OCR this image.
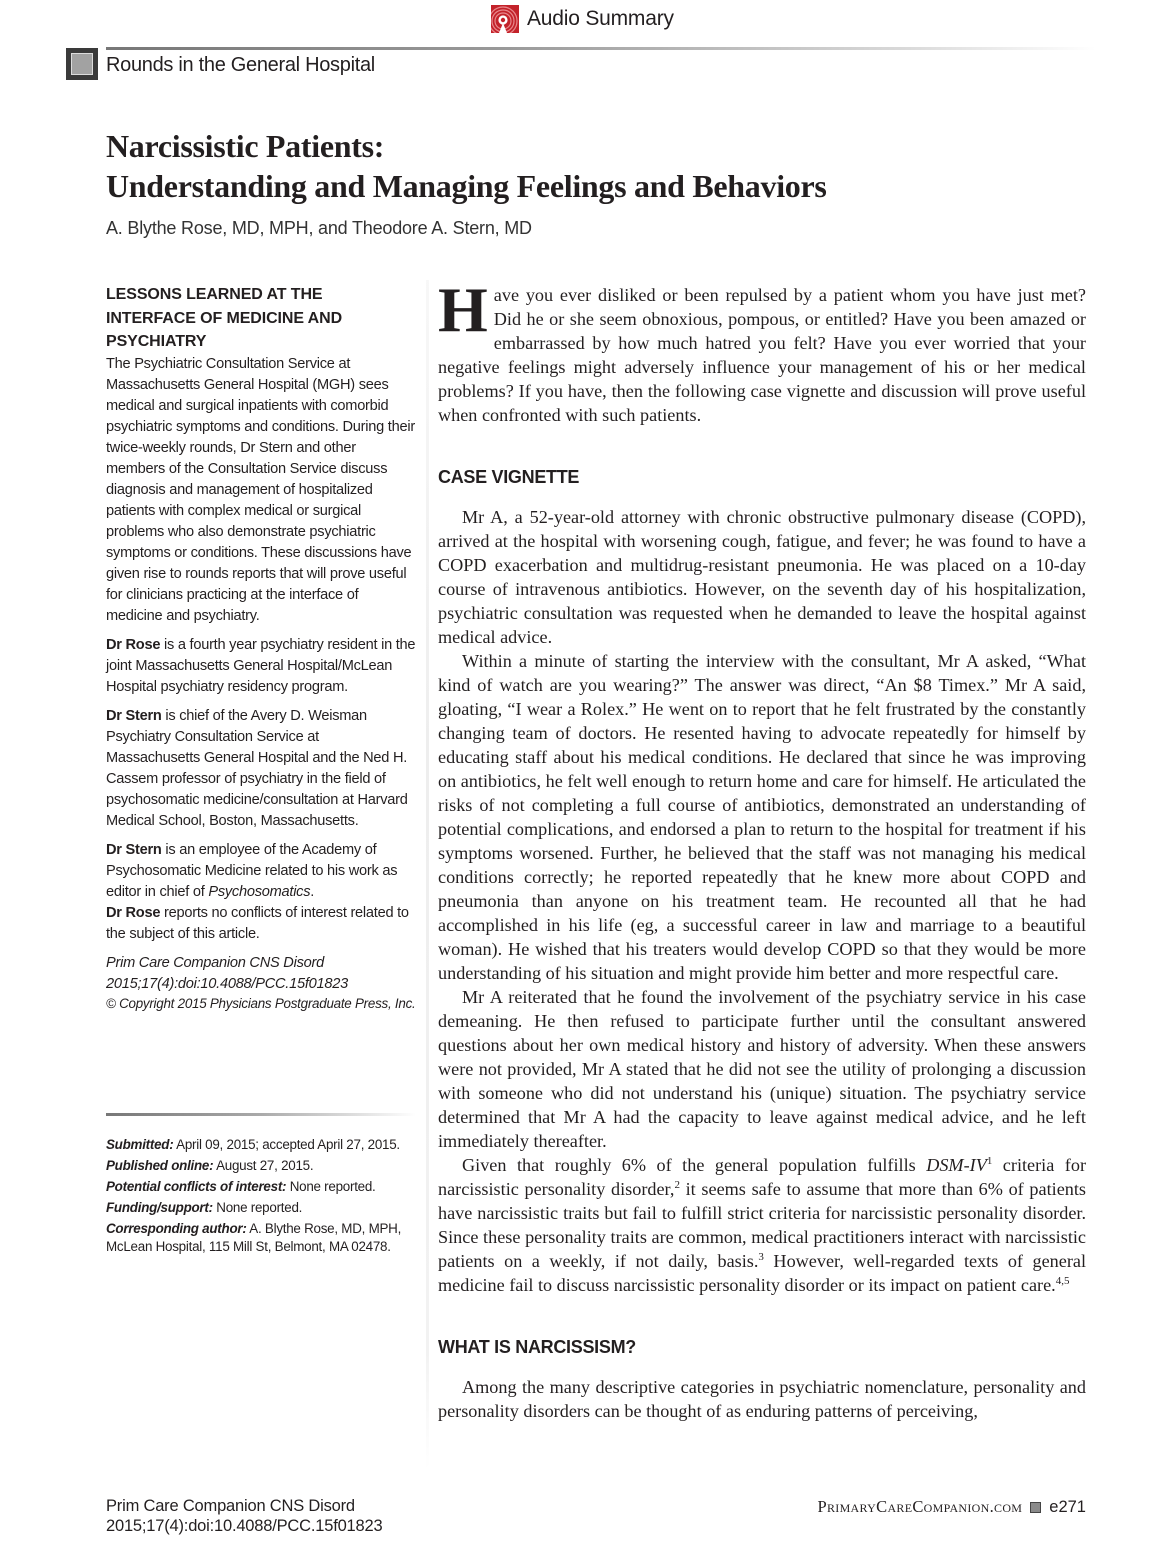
Audio Summary
Rounds in the General Hospital
Narcissistic Patients:
Understanding and Managing Feelings and Behaviors
A. Blythe Rose, MD, MPH, and Theodore A. Stern, MD
LESSONS LEARNED AT THE INTERFACE OF MEDICINE AND PSYCHIATRY

The Psychiatric Consultation Service at Massachusetts General Hospital (MGH) sees medical and surgical inpatients with comorbid psychiatric symptoms and conditions. During their twice-weekly rounds, Dr Stern and other members of the Consultation Service discuss diagnosis and management of hospitalized patients with complex medical or surgical problems who also demonstrate psychiatric symptoms or conditions. These discussions have given rise to rounds reports that will prove useful for clinicians practicing at the interface of medicine and psychiatry.

Dr Rose is a fourth year psychiatry resident in the joint Massachusetts General Hospital/McLean Hospital psychiatry residency program.

Dr Stern is chief of the Avery D. Weisman Psychiatry Consultation Service at Massachusetts General Hospital and the Ned H. Cassem professor of psychiatry in the field of psychosomatic medicine/consultation at Harvard Medical School, Boston, Massachusetts.

Dr Stern is an employee of the Academy of Psychosomatic Medicine related to his work as editor in chief of Psychosomatics.
Dr Rose reports no conflicts of interest related to the subject of this article.

Prim Care Companion CNS Disord
2015;17(4):doi:10.4088/PCC.15f01823

© Copyright 2015 Physicians Postgraduate Press, Inc.

Submitted: April 09, 2015; accepted April 27, 2015.

Published online: August 27, 2015.

Potential conflicts of interest: None reported.

Funding/support: None reported.

Corresponding author: A. Blythe Rose, MD, MPH, McLean Hospital, 115 Mill St, Belmont, MA 02478.

Have you ever disliked or been repulsed by a patient whom you have just met? Did he or she seem obnoxious, pompous, or entitled? Have you been amazed or embarrassed by how much hatred you felt? Have you ever worried that your negative feelings might adversely influence your management of his or her medical problems? If you have, then the following case vignette and discussion will prove useful when confronted with such patients.

CASE VIGNETTE

Mr A, a 52-year-old attorney with chronic obstructive pulmonary disease (COPD), arrived at the hospital with worsening cough, fatigue, and fever; he was found to have a COPD exacerbation and multidrug-resistant pneumonia. He was placed on a 10-day course of intravenous antibiotics. However, on the seventh day of his hospitalization, psychiatric consultation was requested when he demanded to leave the hospital against medical advice.

Within a minute of starting the interview with the consultant, Mr A asked, “What kind of watch are you wearing?” The answer was direct, “An $8 Timex.” Mr A said, gloating, “I wear a Rolex.” He went on to report that he felt frustrated by the constantly changing team of doctors. He resented having to advocate repeatedly for himself by educating staff about his medical conditions. He declared that since he was improving on antibiotics, he felt well enough to return home and care for himself. He articulated the risks of not completing a full course of antibiotics, demonstrated an understanding of potential complications, and endorsed a plan to return to the hospital for treatment if his symptoms worsened. Further, he believed that the staff was not managing his medical conditions correctly; he reported repeatedly that he knew more about COPD and pneumonia than anyone on his treatment team. He recounted all that he had accomplished in his life (eg, a successful career in law and marriage to a beautiful woman). He wished that his treaters would develop COPD so that they would be more understanding of his situation and might provide him better and more respectful care.

Mr A reiterated that he found the involvement of the psychiatry service in his case demeaning. He then refused to participate further until the consultant answered questions about her own medical history and history of adversity. When these answers were not provided, Mr A stated that he did not see the utility of prolonging a discussion with someone who did not understand his (unique) situation. The psychiatry service determined that Mr A had the capacity to leave against medical advice, and he left immediately thereafter.

Given that roughly 6% of the general population fulfills DSM-$IV^1$ criteria for narcissistic personality disorder,$^2$ it seems safe to assume that more than 6% of patients have narcissistic traits but fail to fulfill strict criteria for narcissistic personality disorder. Since these personality traits are common, medical practitioners interact with narcissistic patients on a weekly, if not daily, basis.$^3$ However, well-regarded texts of general medicine fail to discuss narcissistic personality disorder or its impact on patient care.$^{4,5}$

WHAT IS NARCISSISM?

Among the many descriptive categories in psychiatric nomenclature, personality and personality disorders can be thought of as enduring patterns of perceiving,

Prim Care Companion CNS Disord
2015;17(4):doi:10.4088/PCC.15f01823
PrimaryCareCompanion.com e271
